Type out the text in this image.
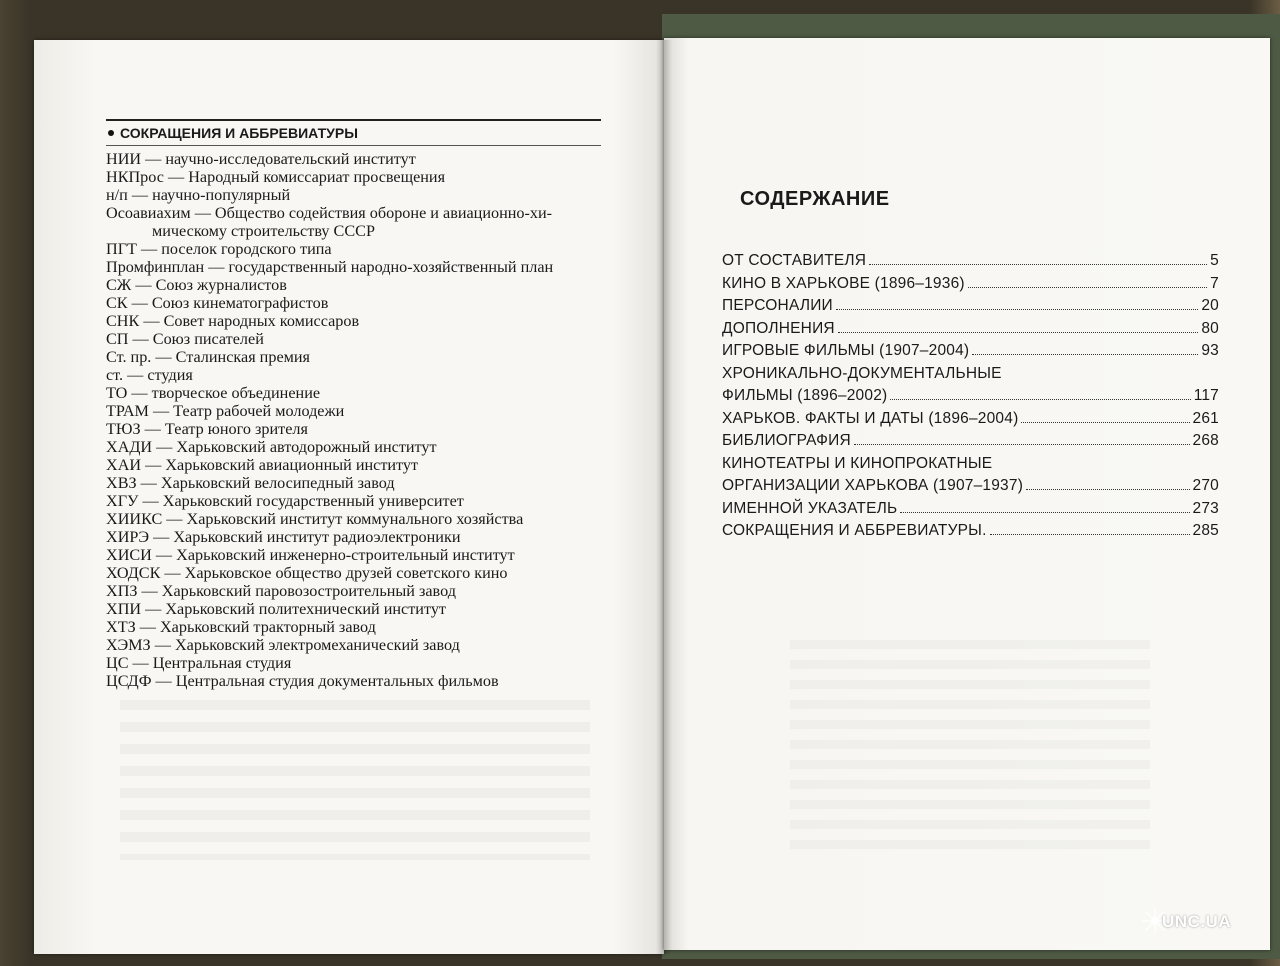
СОКРАЩЕНИЯ И АББРЕВИАТУРЫ
НИИ — научно-исследовательский институт
НКПрос — Народный комиссариат просвещения
н/п — научно-популярный
Осоавиахим — Общество содействия обороне и авиационно-хи-
мическому строительству СССР
ПГТ — поселок городского типа
Промфинплан — государственный народно-хозяйственный план
СЖ — Союз журналистов
СК — Союз кинематографистов
СНК — Совет народных комиссаров
СП — Союз писателей
Ст. пр. — Сталинская премия
ст. — студия
ТО — творческое объединение
ТРАМ — Театр рабочей молодежи
ТЮЗ — Театр юного зрителя
ХАДИ — Харьковский автодорожный институт
ХАИ — Харьковский авиационный институт
ХВЗ — Харьковский велосипедный завод
ХГУ — Харьковский государственный университет
ХИИКС — Харьковский институт коммунального хозяйства
ХИРЭ — Харьковский институт радиоэлектроники
ХИСИ — Харьковский инженерно-строительный институт
ХОДСК — Харьковское общество друзей советского кино
ХПЗ — Харьковский паровозостроительный завод
ХПИ — Харьковский политехнический институт
ХТЗ — Харьковский тракторный завод
ХЭМЗ — Харьковский электромеханический завод
ЦС — Центральная студия
ЦСДФ — Центральная студия документальных фильмов
СОДЕРЖАНИЕ
ОТ СОСТАВИТЕЛЯ	5
КИНО В ХАРЬКОВЕ (1896–1936)	7
ПЕРСОНАЛИИ	20
ДОПОЛНЕНИЯ	80
ИГРОВЫЕ ФИЛЬМЫ (1907–2004)	93
ХРОНИКАЛЬНО-ДОКУМЕНТАЛЬНЫЕ
ФИЛЬМЫ (1896–2002)	117
ХАРЬКОВ. ФАКТЫ И ДАТЫ (1896–2004)	261
БИБЛИОГРАФИЯ	268
КИНОТЕАТРЫ И КИНОПРОКАТНЫЕ
ОРГАНИЗАЦИИ ХАРЬКОВА (1907–1937)	270
ИМЕННОЙ УКАЗАТЕЛЬ	273
СОКРАЩЕНИЯ И АББРЕВИАТУРЫ.	285
UNC.UA
